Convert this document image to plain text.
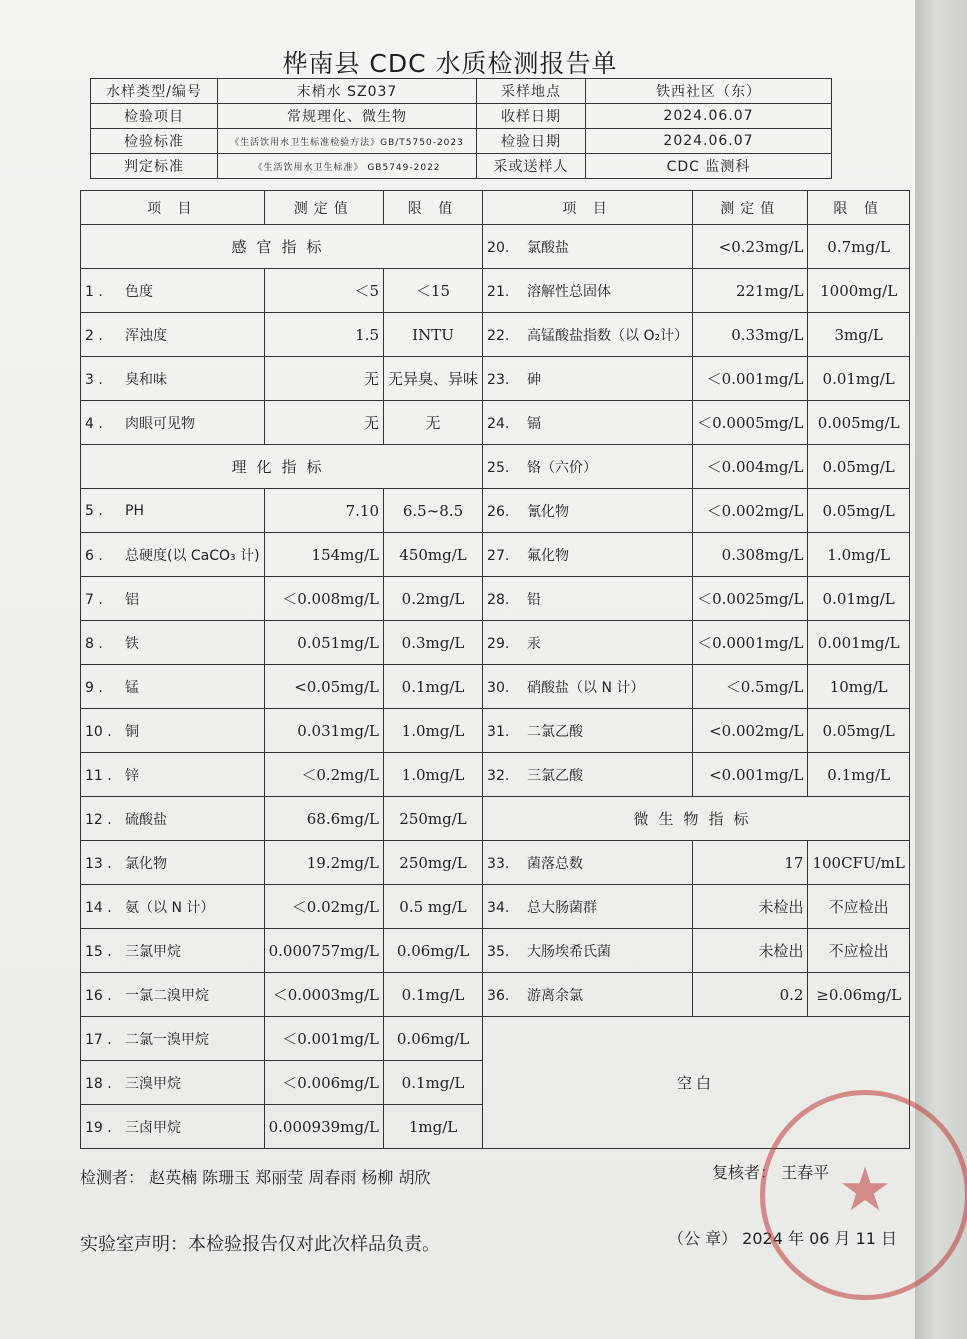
桦南县 CDC 水质检测报告单
水样类型/编号	末梢水 SZ037	采样地点	铁西社区（东）
检验项目	常规理化、微生物	收样日期	2024.06.07
检验标准	《生活饮用水卫生标准检验方法》GB/T5750-2023	检验日期	2024.06.07
判定标准	《生活饮用水卫生标准》 GB5749-2022	采或送样人	CDC 监测科
项 目	测定值	限 值	项 目	测定值	限 值
感官指标			20. 氯酸盐	<0.23mg/L	0.7mg/L
1 . 色度	＜5	＜15	21. 溶解性总固体	221mg/L	1000mg/L
2 . 浑浊度	1.5	INTU	22. 高锰酸盐指数（以 O₂计）	0.33mg/L	3mg/L
3 . 臭和味	无	无异臭、异味	23. 砷	＜0.001mg/L	0.01mg/L
4 . 肉眼可见物	无	无	24. 镉	＜0.0005mg/L	0.005mg/L
理化指标			25. 铬（六价）	＜0.004mg/L	0.05mg/L
5 . PH	7.10	6.5~8.5	26. 氰化物	＜0.002mg/L	0.05mg/L
6 . 总硬度(以 CaCO₃ 计)	154mg/L	450mg/L	27. 氟化物	0.308mg/L	1.0mg/L
7 . 铝	＜0.008mg/L	0.2mg/L	28. 铅	＜0.0025mg/L	0.01mg/L
8 . 铁	0.051mg/L	0.3mg/L	29. 汞	＜0.0001mg/L	0.001mg/L
9 . 锰	<0.05mg/L	0.1mg/L	30. 硝酸盐（以 N 计）	＜0.5mg/L	10mg/L
10 . 铜	0.031mg/L	1.0mg/L	31. 二氯乙酸	<0.002mg/L	0.05mg/L
11 . 锌	＜0.2mg/L	1.0mg/L	32. 三氯乙酸	<0.001mg/L	0.1mg/L
12 . 硫酸盐	68.6mg/L	250mg/L	微生物指标		
13 . 氯化物	19.2mg/L	250mg/L	33. 菌落总数	17	100CFU/mL
14 . 氨（以 N 计）	＜0.02mg/L	0.5 mg/L	34. 总大肠菌群	未检出	不应检出
15 . 三氯甲烷	0.000757mg/L	0.06mg/L	35. 大肠埃希氏菌	未检出	不应检出
16 . 一氯二溴甲烷	＜0.0003mg/L	0.1mg/L	36. 游离余氯	0.2	≥0.06mg/L
17 . 二氯一溴甲烷	＜0.001mg/L	0.06mg/L	空白		
18 . 三溴甲烷	＜0.006mg/L	0.1mg/L			
19 . 三卤甲烷	0.000939mg/L	1mg/L			
检测者： 赵英楠 陈珊玉 郑丽莹 周春雨 杨柳 胡欣	复核者： 王春平
实验室声明：本检验报告仅对此次样品负责。	（公 章） 2024 年 06 月 11 日
★
